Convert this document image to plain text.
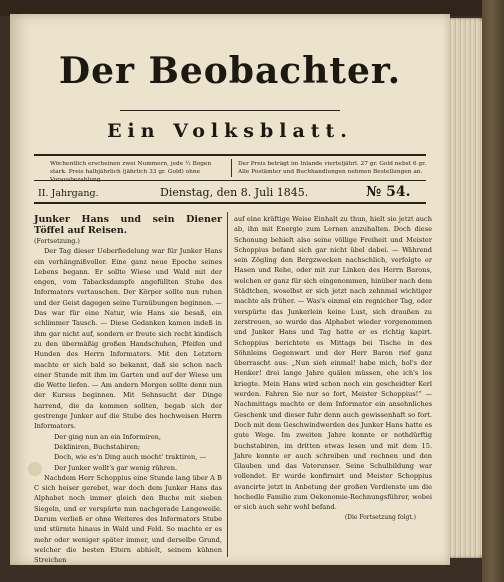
Der Beobachter.
Ein Volksblatt.
Wöchentlich erscheinen zwei Nummern, jede ½ Bogen stark. Preis halbjährlich (jährlich 33 gr. Gold) ohne Vorausbezahlung.
Der Preis beträgt im Inlande vierteljährl. 27 gr. Gold nebst 6 gr. Alle Postämter und Buchhandlungen nehmen Bestellungen an.
II. Jahrgang.	Dienstag, den 8. Juli 1845.	№ 54.

Junker Hans und sein Diener Töffel auf Reisen.

(Fortsetzung.)

Der Tag dieser Ueberfiedelung war für Junker Hans ein verhängnißvoller. Eine ganz neue Epoche seines Lebens begann. Er sollte Wiese und Wald mit der engen, vom Tabacksdampfe angefüllten Stube des Informators vertauschen. Der Körper sollte nun ruhen und der Geist dagegen seine Turnübungen beginnen. — Das war für eine Natur, wie Hans sie besaß, ein schlimmer Tausch. — Diese Gedanken kamen indeß in ihm gar nicht auf, sondern er freute sich recht kindisch zu den übermäßig großen Handschuhen, Pfeifen und Hunden des Herrn Informators. Mit den Letztern machte er sich bald so bekannt, daß sie schon nach einer Stunde mit ihm im Garten und auf der Wiese um die Wette liefen. — Am andern Morgen sollte denn nun der Kursus beginnen. Mit Sehnsucht der Dinge harrend, die da kommen sollten, begab sich der gestrenge Junker auf die Stube des hochweisen Herrn Informators.

Der ging nun an ein Informiren,

Dekliniren, Buchstabiren;

Doch, wie es'n Ding auch mocht' traktiren, —

Der Junker wollt's gar wenig rühren.

Nachdem Herr Schoppius eine Stunde lang über A B C sich heiser gerebet, war doch dem Junker Hans das Alphabet noch immer gleich den Buche mit sieben Siegeln, und er verspürte nun nachgerade Langeweile. Darum verließ er ohne Weiteres des Informators Stube und stürmte hinaus in Wald und Feld. So machte er es mehr oder weniger später immer, und derselbe Grund, welcher die besten Eltern abhielt, seinem kühnen Streichen

auf eine kräftige Weise Einhalt zu thun, hielt sie jetzt auch ab, ihn mit Energie zum Lernen anzuhalten. Doch diese Schonung behielt also seine völlige Freiheit und Meister Schoppius befand sich gar nicht übel dabei. — Während sein Zögling den Bergzwecken nachschlich, verfolgte er Hasen und Rehe, oder mit zur Linken des Herrn Barons, welchen er ganz für sich eingenommen, hinüber nach dem Städtchen, woselbst er sich jetzt nach zehnmal wichtiger machte als früher. — Was's einmal ein regnicher Tag, oder verspürte das Junkerlein keine Lust, sich draußen zu zerstreuen, so wurde das Alphabet wieder vorgenommen und Junker Hans und Tag hatte er es richtig kapirt. Schoppius berichtete es Mittags bei Tische in des Söhnleins Gegenwart und der Herr Baron rief ganz überrascht aus: „Nun sieh einmal! habe mich, hol's der Henker! drei lange Jahre quälen müssen, ehe ich's los kriegte. Mein Hans wird schon noch ein gescheidter Kerl werden. Fahren Sie nur so fort, Meister Schoppius!“ — Nachmittags machte er dem Informator ein ansehnliches Geschenk und dieser fuhr denn auch gewissenhaft so fort. Doch mit dem Geschwindwerden des Junker Hans hatte es gute Wege. Im zweiten Jahre konnte er nothdürftig buchstabiren, im dritten etwas lesen und mit dem 15. Jahre konnte er auch schreiben und rechnen und den Glauben und das Vaterunser. Seine Schulbildung war vollendet. Er wurde konfirmirt und Meister Schoppius avancirte jetzt in Anbetung der großen Verdienste um die hochedle Familie zum Oekonomie-Rechnungsführer, wobei er sich auch sehr wohl befand.

(Die Fortsetzung folgt.)
